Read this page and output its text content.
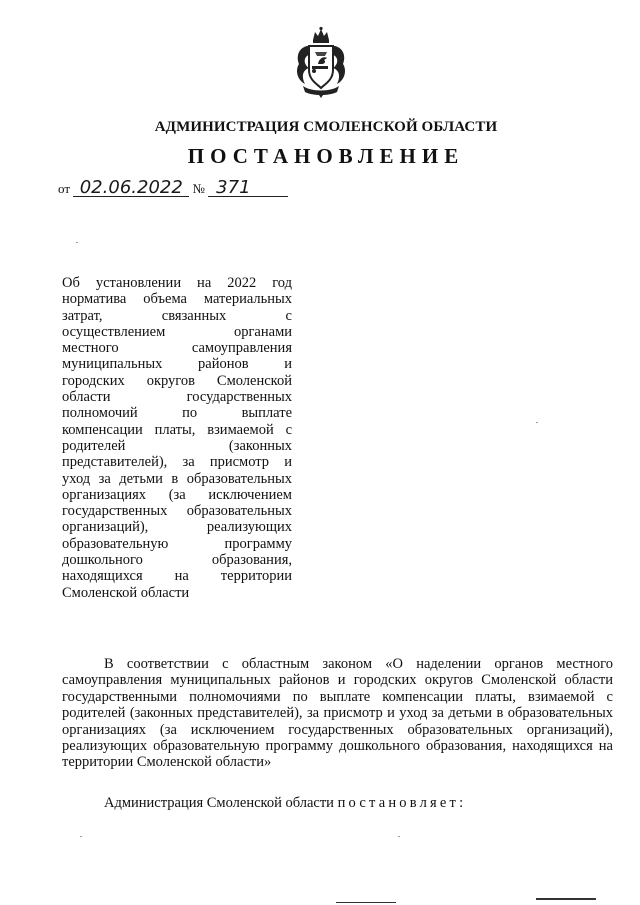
АДМИНИСТРАЦИЯ СМОЛЕНСКОЙ ОБЛАСТИ
ПОСТАНОВЛЕНИЕ
от 02.06.2022 № 371
Об установлении на 2022 год
норматива объема материальных
затрат, связанных с
осуществлением органами
местного самоуправления
муниципальных районов и
городских округов Смоленской
области государственных
полномочий по выплате
компенсации платы, взимаемой с
родителей (законных
представителей), за присмотр и
уход за детьми в образовательных
организациях (за исключением
государственных образовательных
организаций), реализующих
образовательную программу
дошкольного образования,
находящихся на территории
Смоленской области
В соответствии с областным законом «О наделении органов местного самоуправления муниципальных районов и городских округов Смоленской области государственными полномочиями по выплате компенсации платы, взимаемой с родителей (законных представителей), за присмотр и уход за детьми в образовательных организациях (за исключением государственных образовательных организаций), реализующих образовательную программу дошкольного образования, находящихся на территории Смоленской области»
Администрация Смоленской области постановляет:
